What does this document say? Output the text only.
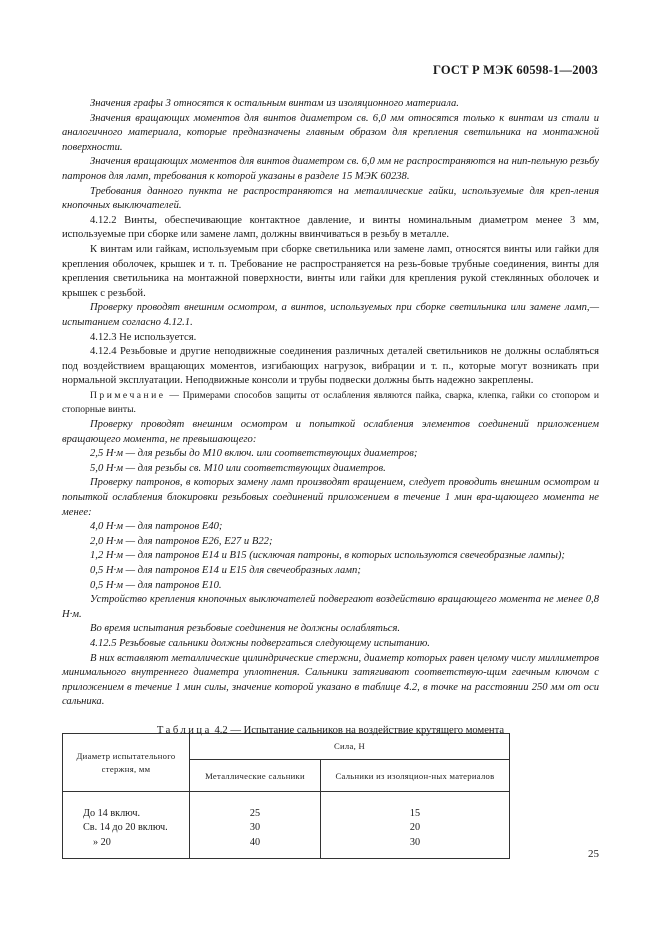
ГОСТ Р МЭК 60598-1—2003

Значения графы 3 относятся к остальным винтам из изоляционного материала.

Значения вращающих моментов для винтов диаметром св. 6,0 мм относятся только к винтам из стали и аналогичного материала, которые предназначены главным образом для крепления светильника на монтажной поверхности.

Значения вращающих моментов для винтов диаметром св. 6,0 мм не распространяются на нип-пельную резьбу патронов для ламп, требования к которой указаны в разделе 15 МЭК 60238.

Требования данного пункта не распространяются на металлические гайки, используемые для креп-ления кнопочных выключателей.

4.12.2 Винты, обеспечивающие контактное давление, и винты номинальным диаметром менее 3 мм, используемые при сборке или замене ламп, должны ввинчиваться в резьбу в металле.

К винтам или гайкам, используемым при сборке светильника или замене ламп, относятся винты или гайки для крепления оболочек, крышек и т. п. Требование не распространяется на резь-бовые трубные соединения, винты для крепления светильника на монтажной поверхности, винты или гайки для крепления рукой стеклянных оболочек и крышек с резьбой.

Проверку проводят внешним осмотром, а винтов, используемых при сборке светильника или замене ламп,— испытанием согласно 4.12.1.

4.12.3 Не используется.

4.12.4 Резьбовые и другие неподвижные соединения различных деталей светильников не должны ослабляться под воздействием вращающих моментов, изгибающих нагрузок, вибрации и т. п., которые могут возникать при нормальной эксплуатации. Неподвижные консоли и трубы подвески должны быть надежно закреплены.

Примечание — Примерами способов защиты от ослабления являются пайка, сварка, клепка, гайки со стопором и стопорные винты.

Проверку проводят внешним осмотром и попыткой ослабления элементов соединений приложением вращающего момента, не превышающего:

2,5 Н·м — для резьбы до М10 включ. или соответствующих диаметров;

5,0 Н·м — для резьбы св. М10 или соответствующих диаметров.

Проверку патронов, в которых замену ламп производят вращением, следует проводить внешним осмотром и попыткой ослабления блокировки резьбовых соединений приложением в течение 1 мин вра-щающего момента не менее:

4,0 Н·м — для патронов Е40;

2,0 Н·м — для патронов Е26, Е27 и В22;

1,2 Н·м — для патронов Е14 и В15 (исключая патроны, в которых используются свечеобразные лампы);

0,5 Н·м — для патронов Е14 и Е15 для свечеобразных ламп;

0,5 Н·м — для патронов Е10.

Устройство крепления кнопочных выключателей подвергают воздействию вращающего момента не менее 0,8 Н·м.

Во время испытания резьбовые соединения не должны ослабляться.

4.12.5 Резьбовые сальники должны подвергаться следующему испытанию.

В них вставляют металлические цилиндрические стержни, диаметр которых равен целому числу миллиметров минимального внутреннего диаметра уплотнения. Сальники затягивают соответствую-щим гаечным ключом с приложением в течение 1 мин силы, значение которой указано в таблице 4.2, в точке на расстоянии 250 мм от оси сальника.

Таблица 4.2 — Испытание сальников на воздействие крутящего момента

Диаметр испытательного стержня, мм	Сила, Н	
	Металлические сальники	Сальники из изоляцион-ных материалов
До 14 включ.	25	15
Св. 14 до 20 включ.	30	20
» 20	40	30
25
